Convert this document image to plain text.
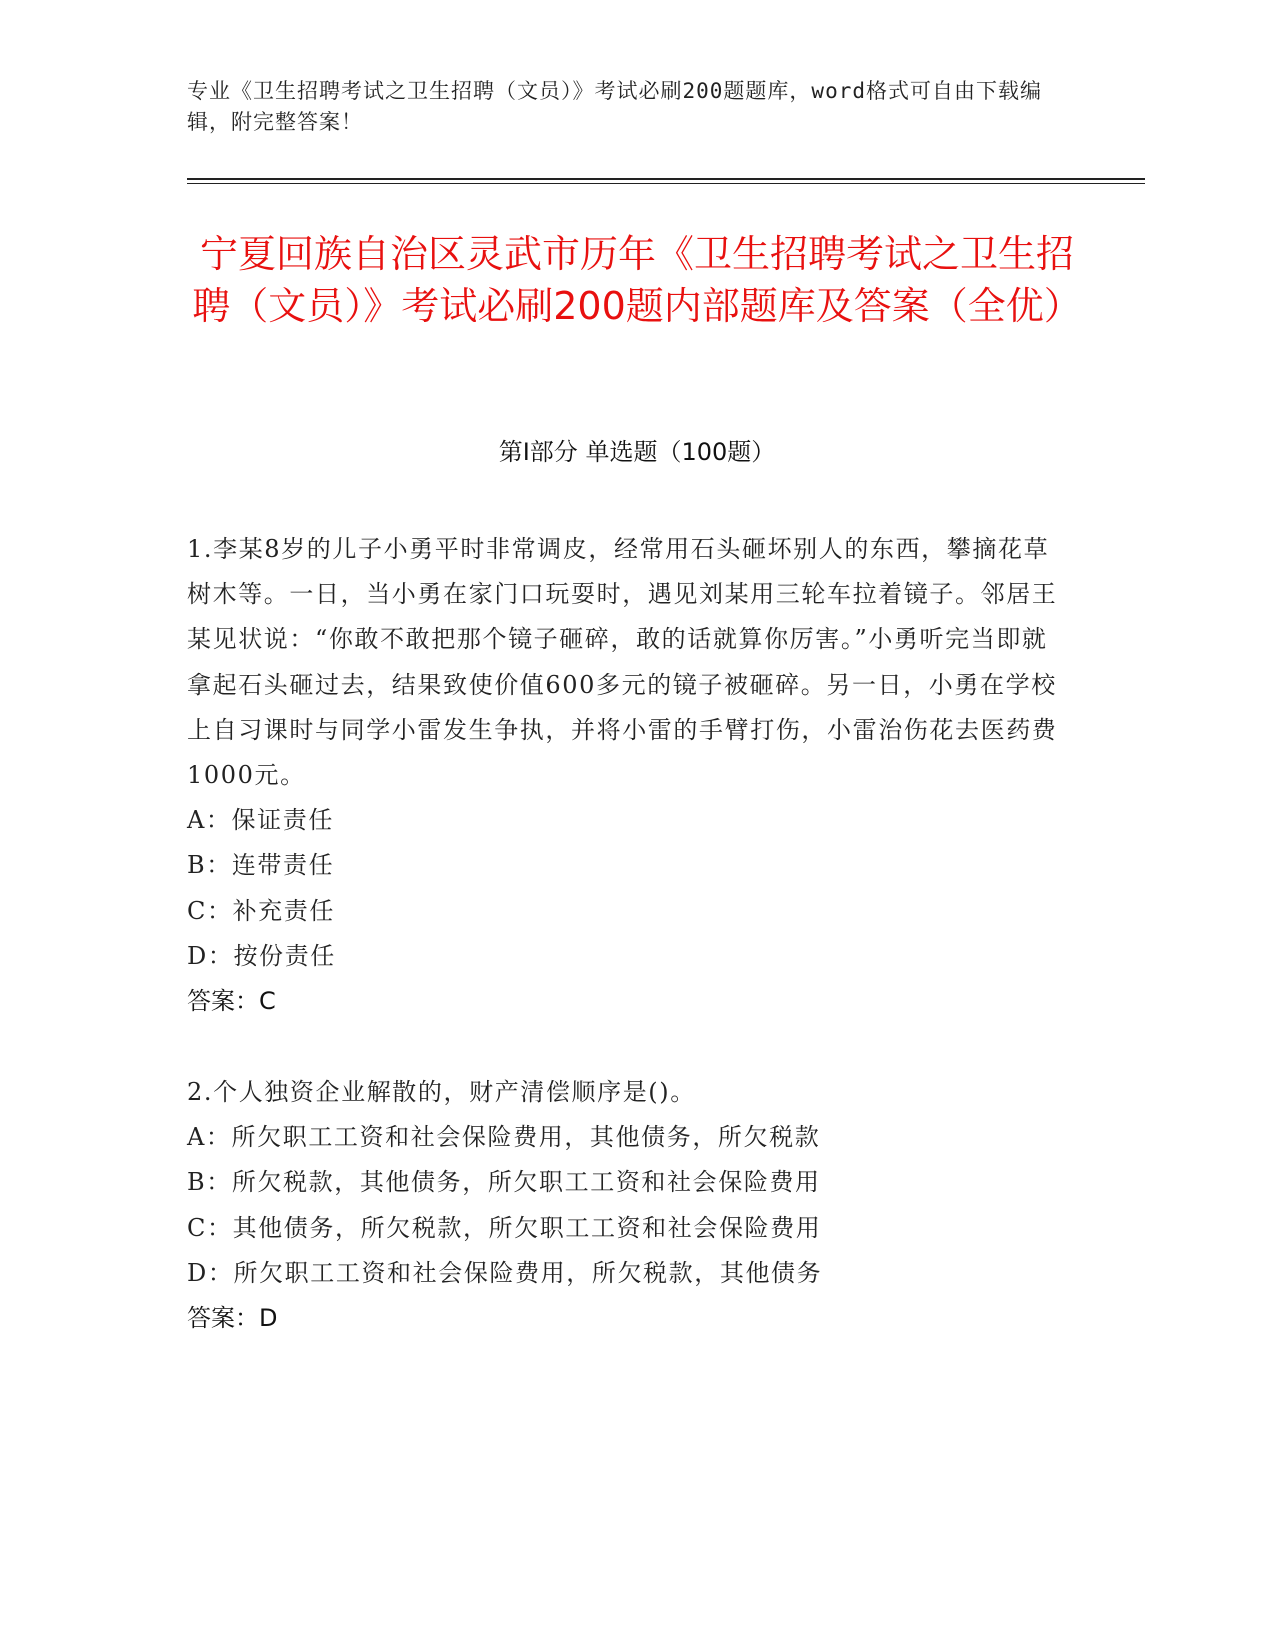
专业《卫生招聘考试之卫生招聘（文员）》考试必刷200题题库，word格式可自由下载编辑，附完整答案！
宁夏回族自治区灵武市历年《卫生招聘考试之卫生招聘（文员）》考试必刷200题内部题库及答案（全优）
第Ⅰ部分 单选题（100题）

1.李某8岁的儿子小勇平时非常调皮，经常用石头砸坏别人的东西，攀摘花草树木等。一日，当小勇在家门口玩耍时，遇见刘某用三轮车拉着镜子。邻居王某见状说：“你敢不敢把那个镜子砸碎，敢的话就算你厉害。”小勇听完当即就拿起石头砸过去，结果致使价值600多元的镜子被砸碎。另一日，小勇在学校上自习课时与同学小雷发生争执，并将小雷的手臂打伤，小雷治伤花去医药费1000元。

A：保证责任

B：连带责任

C：补充责任

D：按份责任

答案：C

2.个人独资企业解散的，财产清偿顺序是()。

A：所欠职工工资和社会保险费用，其他债务，所欠税款

B：所欠税款，其他债务，所欠职工工资和社会保险费用

C：其他债务，所欠税款，所欠职工工资和社会保险费用

D：所欠职工工资和社会保险费用，所欠税款，其他债务

答案：D
